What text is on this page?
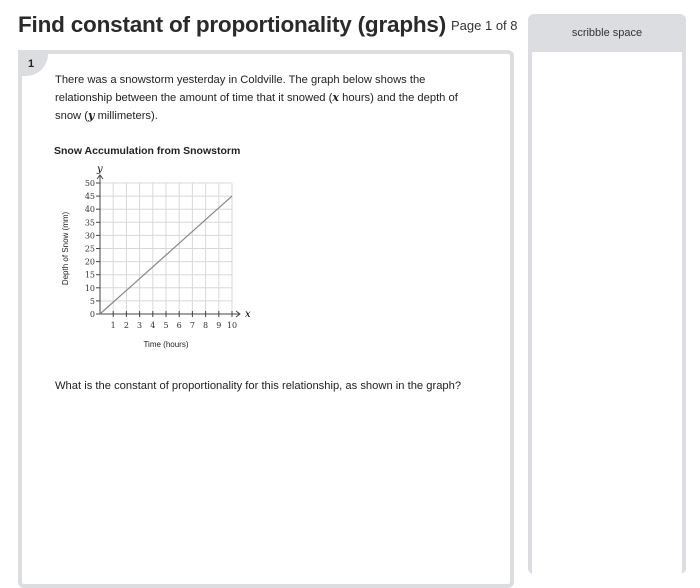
Find constant of proportionality (graphs) Page 1 of 8
1
There was a snowstorm yesterday in Coldville. The graph below shows the relationship between the amount of time that it snowed (x hours) and the depth of snow (y millimeters).
Snow Accumulation from Snowstorm
x
y
1 2 3 4 5 6 7 8 9 10
0
5
10
15
20
25
30
35
40
45
50
Time (hours)
Depth of Snow (mm)
What is the constant of proportionality for this relationship, as shown in the graph?
scribble space
